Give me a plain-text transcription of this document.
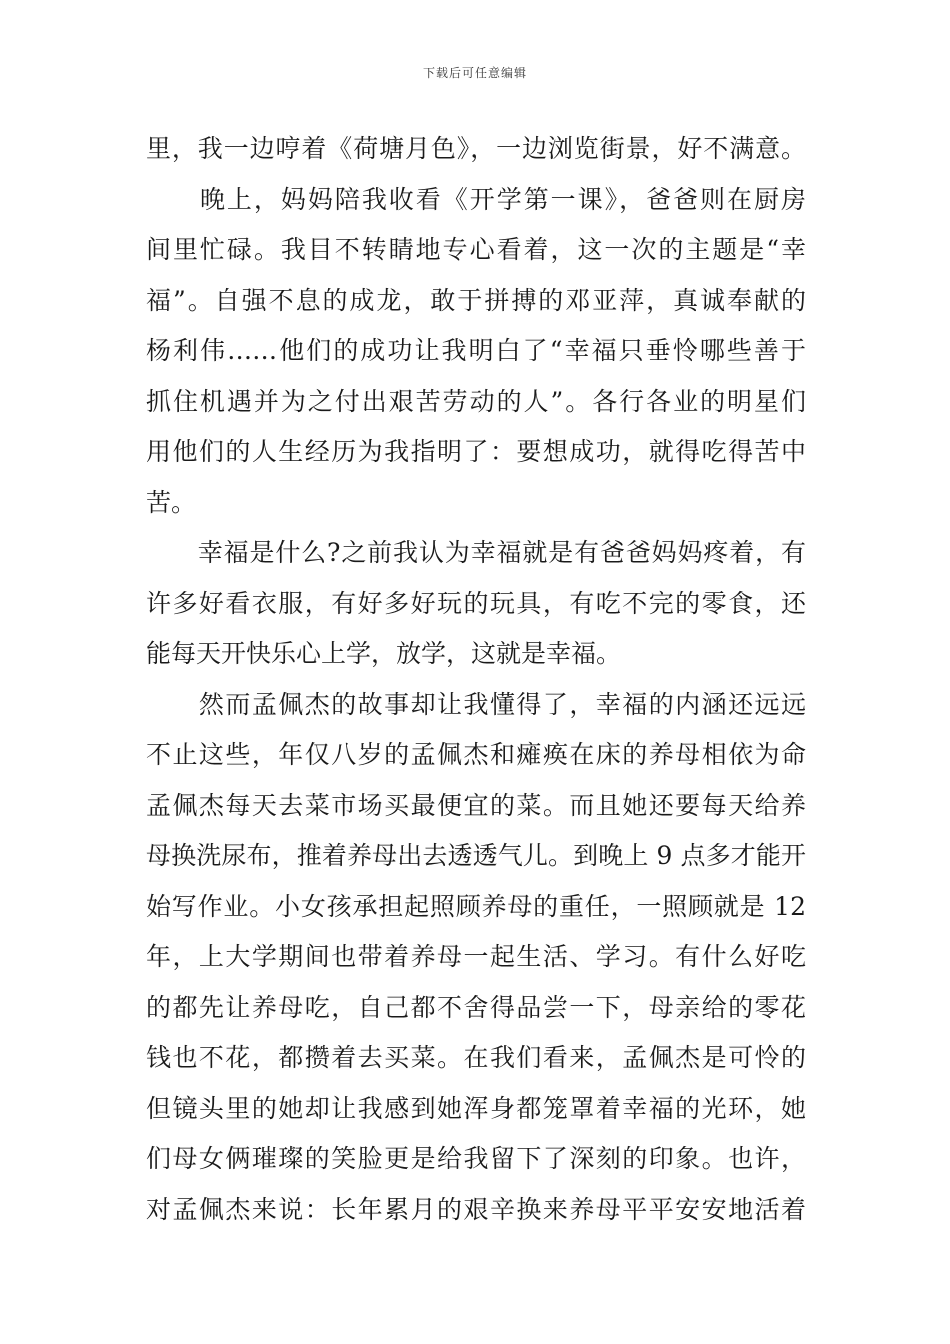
下载后可任意编辑
里，我一边哼着《荷塘月色》，一边浏览街景，好不满意。
　　晚上，妈妈陪我收看《开学第一课》，爸爸则在厨房
间里忙碌。我目不转睛地专心看着，这一次的主题是“幸
福”。自强不息的成龙，敢于拼搏的邓亚萍，真诚奉献的
杨利伟……他们的成功让我明白了“幸福只垂怜哪些善于
抓住机遇并为之付出艰苦劳动的人”。各行各业的明星们
用他们的人生经历为我指明了：要想成功，就得吃得苦中
苦。
　　幸福是什么?之前我认为幸福就是有爸爸妈妈疼着，有
许多好看衣服，有好多好玩的玩具，有吃不完的零食，还
能每天开快乐心上学，放学，这就是幸福。
　　然而孟佩杰的故事却让我懂得了，幸福的内涵还远远
不止这些，年仅八岁的孟佩杰和瘫痪在床的养母相依为命
孟佩杰每天去菜市场买最便宜的菜。而且她还要每天给养
母换洗尿布，推着养母出去透透气儿。到晚上 9 点多才能开
始写作业。小女孩承担起照顾养母的重任，一照顾就是 12
年，上大学期间也带着养母一起生活、学习。有什么好吃
的都先让养母吃，自己都不舍得品尝一下，母亲给的零花
钱也不花，都攒着去买菜。在我们看来，孟佩杰是可怜的
但镜头里的她却让我感到她浑身都笼罩着幸福的光环，她
们母女俩璀璨的笑脸更是给我留下了深刻的印象。也许，
对孟佩杰来说：长年累月的艰辛换来养母平平安安地活着
